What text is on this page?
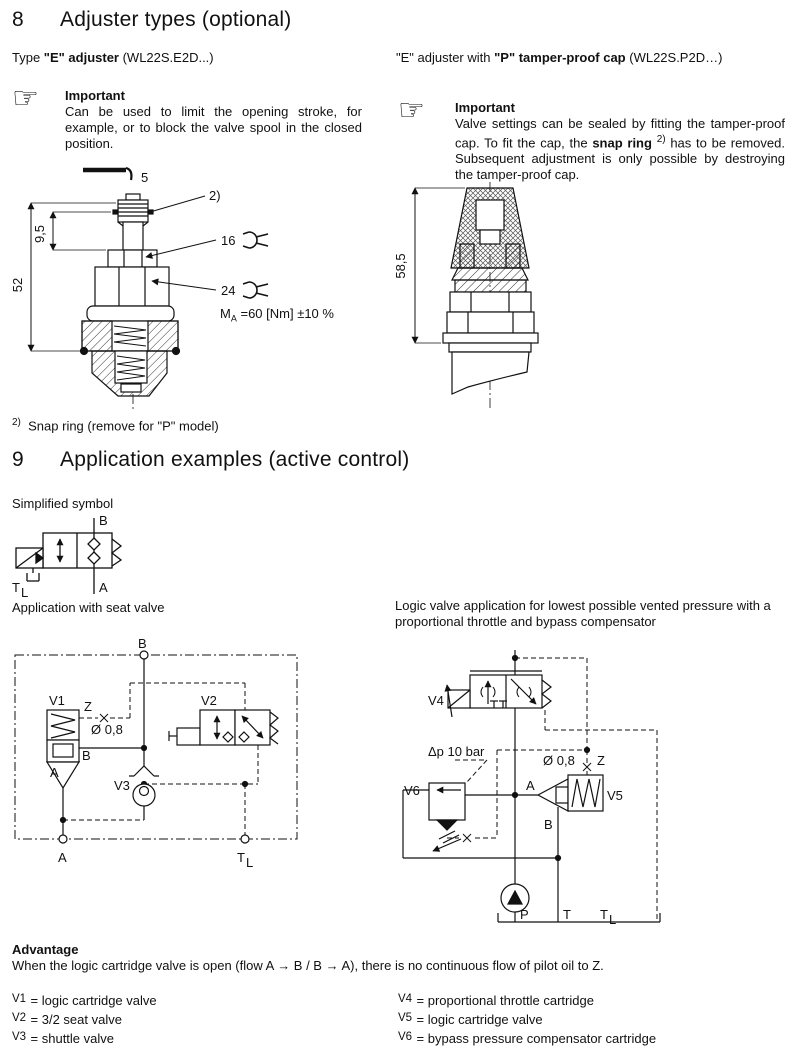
8 Adjuster types (optional)
Type "E" adjuster (WL22S.E2D...)	"E" adjuster with "P" tamper-proof cap (WL22S.P2D…)
☞ Important
Can be used to limit the opening stroke, for example, or to block the valve spool in the closed position.
☞ Important
Valve settings can be sealed by fitting the tamper-proof cap. To fit the cap, the snap ring $^{2)}$ has to be removed. Subsequent adjustment is only possible by destroying the tamper-proof cap.
5
2)
16
24
52
9,5
$M_A =60$ [Nm] ±10 %
58,5
$^{2)}$ Snap ring (remove for "P" model)
9 Application examples (active control)
Simplified symbol
B
A
T L
Application with seat valve	Logic valve application for lowest possible vented pressure with a proportional throttle and bypass compensator
B
V1 Z
Ø 0,8
B
A
V2
V3
A	T L
V4
Δp 10 bar
V6
Ø 0,8 Z
A
V5
B
P	T T L
Advantage
When the logic cartridge valve is open (flow A → B / B → A), there is no continuous flow of pilot oil to Z.
V1 = logic cartridge valve
V2 = 3/2 seat valve
V3 = shuttle valve
V4 = proportional throttle cartridge
V5 = logic cartridge valve
V6 = bypass pressure compensator cartridge
